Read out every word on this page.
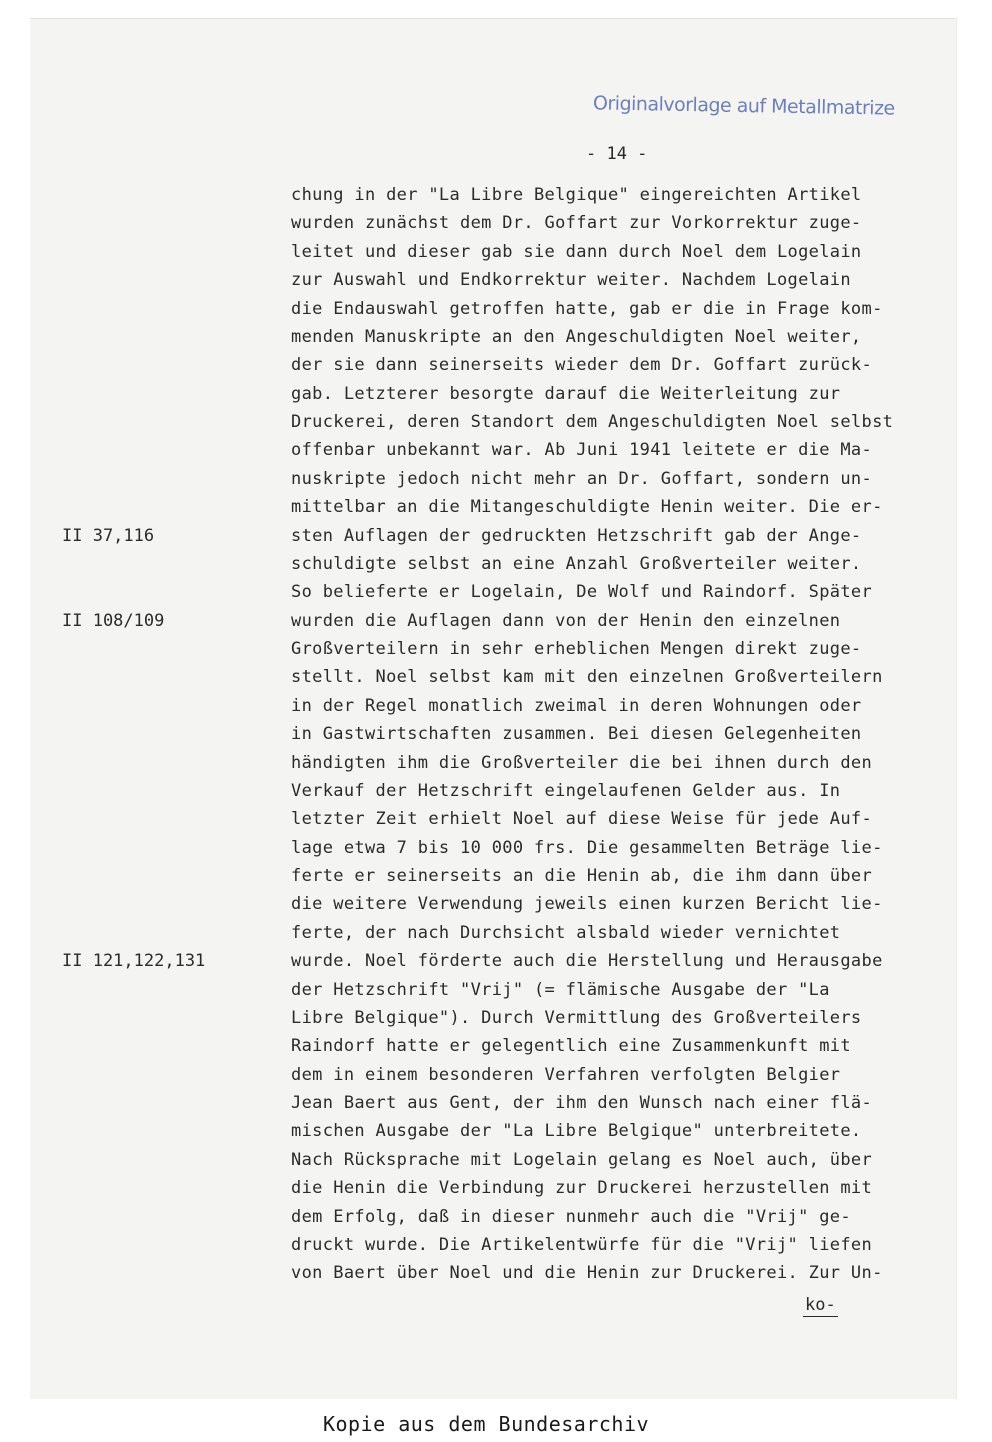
Originalvorlage auf Metallmatrize
- 14 -
chung in der "La Libre Belgique" eingereichten Artikel
wurden zunächst dem Dr. Goffart zur Vorkorrektur zuge-
leitet und dieser gab sie dann durch Noel dem Logelain
zur Auswahl und Endkorrektur weiter. Nachdem Logelain
die Endauswahl getroffen hatte, gab er die in Frage kom-
menden Manuskripte an den Angeschuldigten Noel weiter,
der sie dann seinerseits wieder dem Dr. Goffart zurück-
gab. Letzterer besorgte darauf die Weiterleitung zur
Druckerei, deren Standort dem Angeschuldigten Noel selbst
offenbar unbekannt war. Ab Juni 1941 leitete er die Ma-
nuskripte jedoch nicht mehr an Dr. Goffart, sondern un-
mittelbar an die Mitangeschuldigte Henin weiter. Die er-
sten Auflagen der gedruckten Hetzschrift gab der Ange-
schuldigte selbst an eine Anzahl Großverteiler weiter.
So belieferte er Logelain, De Wolf und Raindorf. Später
wurden die Auflagen dann von der Henin den einzelnen
Großverteilern in sehr erheblichen Mengen direkt zuge-
stellt. Noel selbst kam mit den einzelnen Großverteilern
in der Regel monatlich zweimal in deren Wohnungen oder
in Gastwirtschaften zusammen. Bei diesen Gelegenheiten
händigten ihm die Großverteiler die bei ihnen durch den
Verkauf der Hetzschrift eingelaufenen Gelder aus. In
letzter Zeit erhielt Noel auf diese Weise für jede Auf-
lage etwa 7 bis 10 000 frs. Die gesammelten Beträge lie-
ferte er seinerseits an die Henin ab, die ihm dann über
die weitere Verwendung jeweils einen kurzen Bericht lie-
ferte, der nach Durchsicht alsbald wieder vernichtet
wurde. Noel förderte auch die Herstellung und Herausgabe
der Hetzschrift "Vrij" (= flämische Ausgabe der "La
Libre Belgique"). Durch Vermittlung des Großverteilers
Raindorf hatte er gelegentlich eine Zusammenkunft mit
dem in einem besonderen Verfahren verfolgten Belgier
Jean Baert aus Gent, der ihm den Wunsch nach einer flä-
mischen Ausgabe der "La Libre Belgique" unterbreitete.
Nach Rücksprache mit Logelain gelang es Noel auch, über
die Henin die Verbindung zur Druckerei herzustellen mit
dem Erfolg, daß in dieser nunmehr auch die "Vrij" ge-
druckt wurde. Die Artikelentwürfe für die "Vrij" liefen
von Baert über Noel und die Henin zur Druckerei. Zur Un-
II 37,116
II 108/109
II 121,122,131
ko-
Kopie aus dem Bundesarchiv
